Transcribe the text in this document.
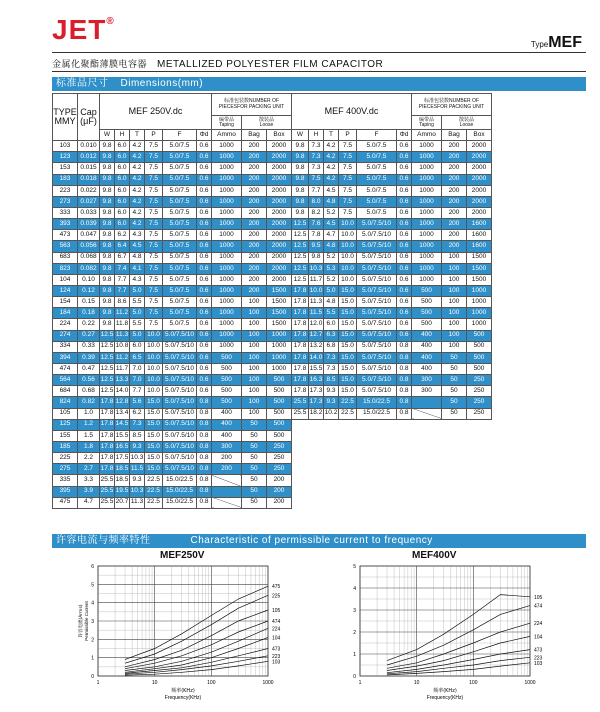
JET®
TypeMEF
金属化聚酯薄膜电容器 METALLIZED POLYESTER FILM CAPACITOR
标准品尺寸 Dimensions(mm)
TYPE
MMY	Cap
(μF)	MEF 250V.dc						标准包装数NUMBER OF
PIECESFOR PACKING UNIT			MEF 400V.dc						标准包装数NUMBER OF
PIECESFOR PACKING UNIT		
								编带品
Taping	散装品
Loose								编带品
Taping	散装品
Loose	
		W	H	T	P	F	Φd	Ammo	Bag	Box	W	H	T	P	F	Φd	Ammo	Bag	Box
103	0.010	9.8	6.0	4.2	7.5	5.0/7.5	0.6	1000	200	2000	9.8	7.3	4.2	7.5	5.0/7.5	0.6	1000	200	2000
123	0.012	9.8	6.0	4.2	7.5	5.0/7.5	0.6	1000	200	2000	9.8	7.3	4.2	7.5	5.0/7.5	0.6	1000	200	2000
153	0.015	9.8	6.0	4.2	7.5	5.0/7.5	0.6	1000	200	2000	9.8	7.3	4.2	7.5	5.0/7.5	0.6	1000	200	2000
183	0.018	9.8	6.0	4.2	7.5	5.0/7.5	0.6	1000	200	2000	9.8	7.5	4.2	7.5	5.0/7.5	0.6	1000	200	2000
223	0.022	9.8	6.0	4.2	7.5	5.0/7.5	0.6	1000	200	2000	9.8	7.7	4.5	7.5	5.0/7.5	0.6	1000	200	2000
273	0.027	9.8	6.0	4.2	7.5	5.0/7.5	0.6	1000	200	2000	9.8	8.0	4.8	7.5	5.0/7.5	0.6	1000	200	2000
333	0.033	9.8	6.0	4.2	7.5	5.0/7.5	0.6	1000	200	2000	9.8	8.2	5.2	7.5	5.0/7.5	0.6	1000	200	2000
393	0.039	9.8	6.0	4.2	7.5	5.0/7.5	0.6	1000	200	2000	12.5	7.6	4.5	10.0	5.0/7.5/10	0.6	1000	200	1600
473	0.047	9.8	6.2	4.3	7.5	5.0/7.5	0.6	1000	200	2000	12.5	7.8	4.7	10.0	5.0/7.5/10	0.6	1000	200	1600
563	0.056	9.8	6.4	4.5	7.5	5.0/7.5	0.6	1000	200	2000	12.5	9.5	4.8	10.0	5.0/7.5/10	0.6	1000	200	1600
683	0.068	9.8	6.7	4.8	7.5	5.0/7.5	0.6	1000	200	2000	12.5	9.8	5.2	10.0	5.0/7.5/10	0.6	1000	100	1500
823	0.082	9.8	7.4	4.1	7.5	5.0/7.5	0.6	1000	200	2000	12.5	10.3	5.3	10.0	5.0/7.5/10	0.6	1000	100	1500
104	0.10	9.8	7.7	4.3	7.5	5.0/7.5	0.6	1000	200	2000	12.5	11.7	5.2	10.0	5.0/7.5/10	0.6	1000	100	1500
124	0.12	9.8	7.7	5.0	7.5	5.0/7.5	0.6	1000	200	1500	17.8	10.0	5.0	15.0	5.0/7.5/10	0.6	500	100	1000
154	0.15	9.8	8.6	5.5	7.5	5.0/7.5	0.6	1000	100	1500	17.8	11.3	4.8	15.0	5.0/7.5/10	0.6	500	100	1000
184	0.18	9.8	11.2	5.0	7.5	5.0/7.5	0.6	1000	100	1500	17.8	11.5	5.5	15.0	5.0/7.5/10	0.6	500	100	1000
224	0.22	9.8	11.8	5.5	7.5	5.0/7.5	0.6	1000	100	1500	17.8	12.0	6.0	15.0	5.0/7.5/10	0.6	500	100	1000
274	0.27	12.5	11.3	5.0	10.0	5.0/7.5/10	0.6	1000	100	1000	17.8	12.7	6.3	15.0	5.0/7.5/10	0.6	400	100	500
334	0.33	12.5	10.8	6.0	10.0	5.0/7.5/10	0.6	1000	100	1000	17.8	13.2	6.8	15.0	5.0/7.5/10	0.8	400	100	500
394	0.39	12.5	11.2	6.5	10.0	5.0/7.5/10	0.6	500	100	1000	17.8	14.0	7.3	15.0	5.0/7.5/10	0.8	400	50	500
474	0.47	12.5	11.7	7.0	10.0	5.0/7.5/10	0.6	500	100	1000	17.8	15.5	7.3	15.0	5.0/7.5/10	0.8	400	50	500
564	0.56	12.5	13.3	7.0	10.0	5.0/7.5/10	0.6	500	100	500	17.8	16.3	8.5	15.0	5.0/7.5/10	0.8	300	50	250
684	0.68	12.5	14.0	7.7	10.0	5.0/7.5/10	0.6	500	100	500	17.8	17.3	9.3	15.0	5.0/7.5/10	0.8	300	50	250
824	0.82	17.8	12.8	5.6	15.0	5.0/7.5/10	0.8	500	100	500	25.5	17.3	9.3	22.5	15.0/22.5	0.8		50	250
105	1.0	17.8	13.4	6.2	15.0	5.0/7.5/10	0.8	400	100	500	25.5	18.2	10.2	22.5	15.0/22.5	0.8		50	250
125	1.2	17.8	14.5	7.3	15.0	5.0/7.5/10	0.8	400	50	500									
155	1.5	17.8	15.5	8.5	15.0	5.0/7.5/10	0.8	400	50	500									
185	1.8	17.8	16.5	9.3	15.0	5.0/7.5/10	0.8	300	50	250									
225	2.2	17.8	17.5	10.3	15.0	5.0/7.5/10	0.8	200	50	250									
275	2.7	17.8	18.5	11.5	15.0	5.0/7.5/10	0.8	200	50	250									
335	3.3	25.5	18.5	9.3	22.5	15.0/22.5	0.8		50	200									
395	3.9	25.5	19.5	10.3	22.5	15.0/22.5	0.8		50	200									
475	4.7	25.5	20.7	11.3	22.5	15.0/22.5	0.8		50	200									
许容电流与频率特性	Characteristic of permissible current to frequency
MEF250V
0
1
2
3
4
5
6
1	10	100	1000
475
225
105
474
224
104
473
223
103
频率(KHz)
Frequency(KHz)
许容电流(Arms) Permissible Current
MEF400V
0
1
2
3
4
5
1	10	100	1000
105
474
224
104
473
223
103
频率(KHz)
Frequency(KHz)
